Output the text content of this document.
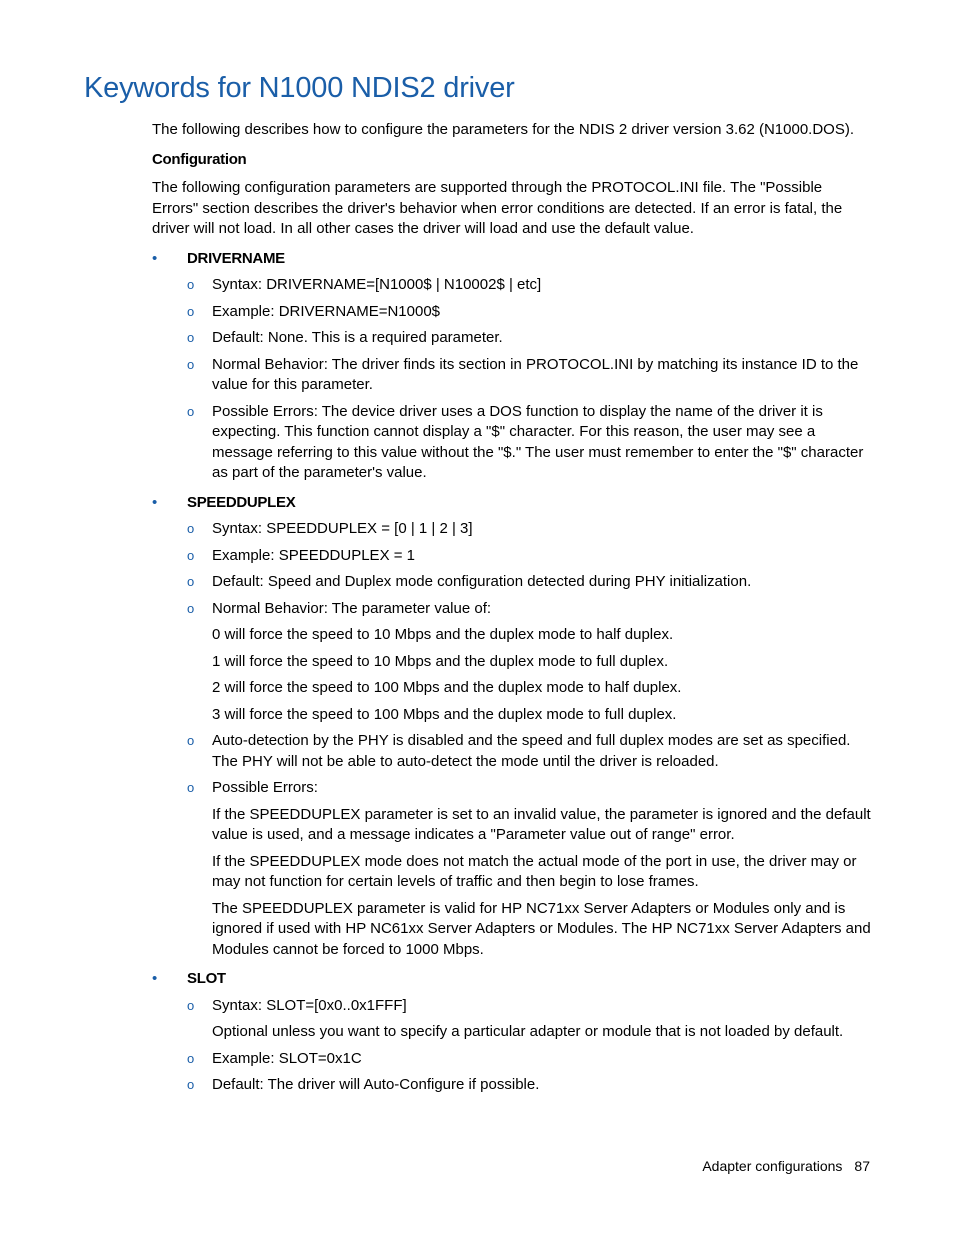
Keywords for N1000 NDIS2 driver

The following describes how to configure the parameters for the NDIS 2 driver version 3.62 (N1000.DOS).

Configuration

The following configuration parameters are supported through the PROTOCOL.INI file. The "Possible Errors" section describes the driver's behavior when error conditions are detected. If an error is fatal, the driver will not load. In all other cases the driver will load and use the default value.

• DRIVERNAME
o Syntax: DRIVERNAME=[N1000$ | N10002$ | etc]
o Example: DRIVERNAME=N1000$
o Default: None. This is a required parameter.
o Normal Behavior: The driver finds its section in PROTOCOL.INI by matching its instance ID to the value for this parameter.
o Possible Errors: The device driver uses a DOS function to display the name of the driver it is expecting. This function cannot display a "$" character. For this reason, the user may see a message referring to this value without the "$." The user must remember to enter the "$" character as part of the parameter's value.
• SPEEDDUPLEX
o Syntax: SPEEDDUPLEX = [0 | 1 | 2 | 3]
o Example: SPEEDDUPLEX = 1
o Default: Speed and Duplex mode configuration detected during PHY initialization.
o Normal Behavior: The parameter value of:

0 will force the speed to 10 Mbps and the duplex mode to half duplex.

1 will force the speed to 10 Mbps and the duplex mode to full duplex.

2 will force the speed to 100 Mbps and the duplex mode to half duplex.

3 will force the speed to 100 Mbps and the duplex mode to full duplex.

o Auto-detection by the PHY is disabled and the speed and full duplex modes are set as specified. The PHY will not be able to auto-detect the mode until the driver is reloaded.
o Possible Errors:

If the SPEEDDUPLEX parameter is set to an invalid value, the parameter is ignored and the default value is used, and a message indicates a "Parameter value out of range" error.

If the SPEEDDUPLEX mode does not match the actual mode of the port in use, the driver may or may not function for certain levels of traffic and then begin to lose frames.

The SPEEDDUPLEX parameter is valid for HP NC71xx Server Adapters or Modules only and is ignored if used with HP NC61xx Server Adapters or Modules. The HP NC71xx Server Adapters and Modules cannot be forced to 1000 Mbps.

• SLOT
o Syntax: SLOT=[0x0..0x1FFF]

Optional unless you want to specify a particular adapter or module that is not loaded by default.

o Example: SLOT=0x1C
o Default: The driver will Auto-Configure if possible.
Adapter configurations 87
